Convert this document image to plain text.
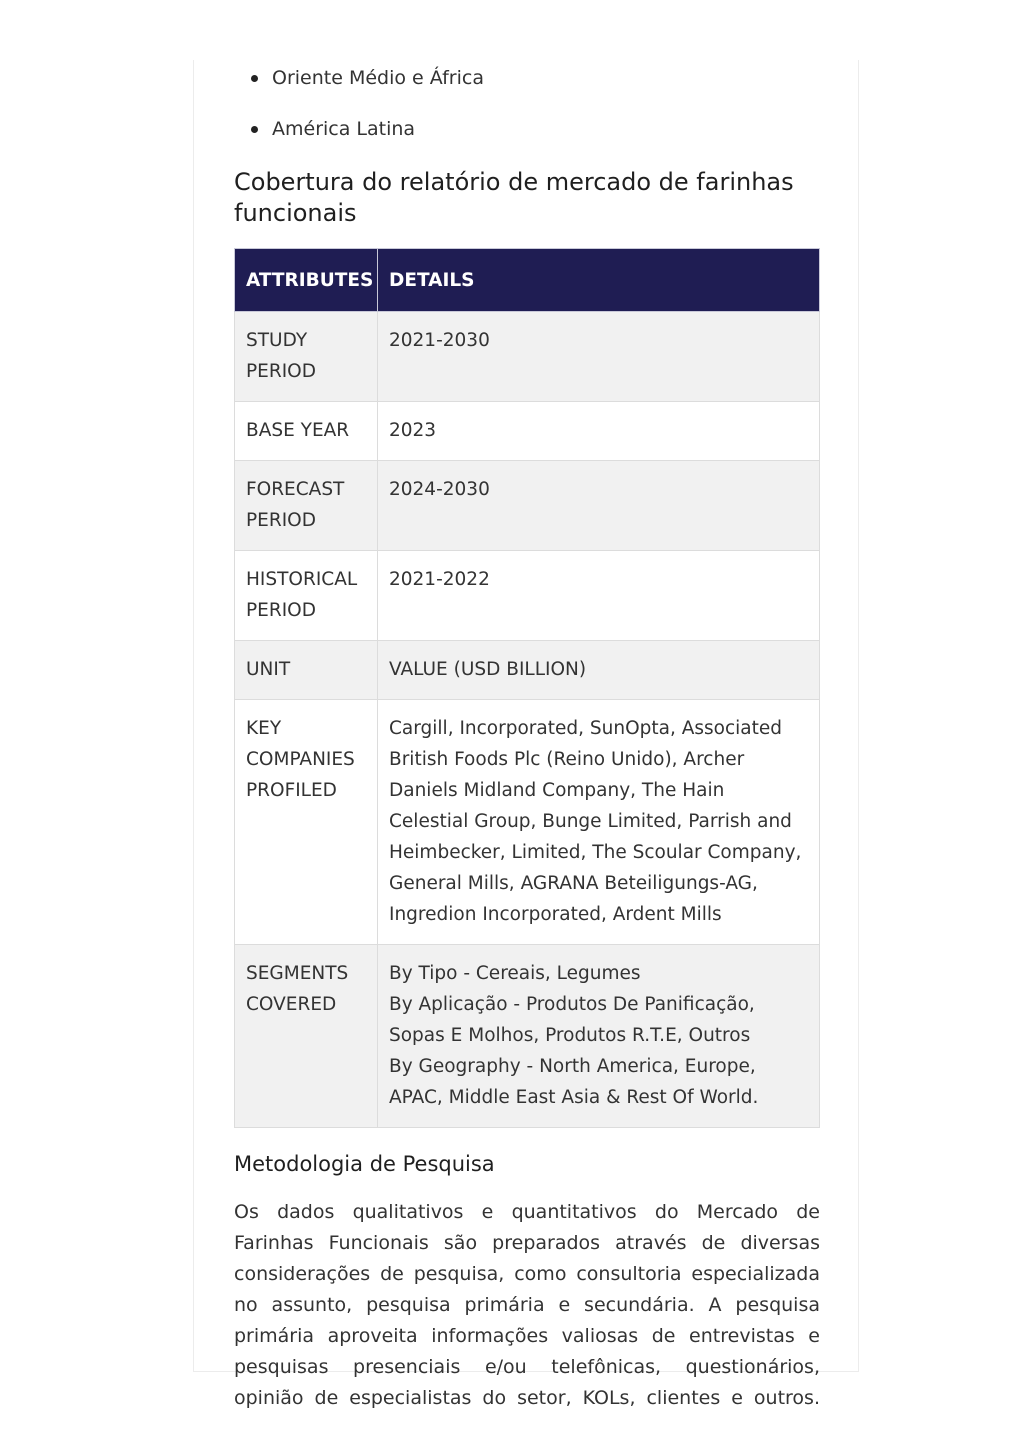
Oriente Médio e África
América Latina
Cobertura do relatório de mercado de farinhas funcionais
ATTRIBUTES	DETAILS
STUDY PERIOD	2021-2030
BASE YEAR	2023
FORECAST PERIOD	2024-2030
HISTORICAL PERIOD	2021-2022
UNIT	VALUE (USD BILLION)
KEY COMPANIES PROFILED	Cargill, Incorporated, SunOpta, Associated British Foods Plc (Reino Unido), Archer Daniels Midland Company, The Hain Celestial Group, Bunge Limited, Parrish and Heimbecker, Limited, The Scoular Company, General Mills, AGRANA Beteiligungs-AG, Ingredion Incorporated, Ardent Mills
SEGMENTS COVERED	By Tipo - Cereais, Legumes
By Aplicação - Produtos De Panificação, Sopas E Molhos, Produtos R.T.E, Outros
By Geography - North America, Europe, APAC, Middle East Asia & Rest Of World.
Metodologia de Pesquisa

Os dados qualitativos e quantitativos do Mercado de Farinhas Funcionais são preparados através de diversas considerações de pesquisa, como consultoria especializada no assunto, pesquisa primária e secundária. A pesquisa primária aproveita informações valiosas de entrevistas e pesquisas presenciais e/ou telefônicas, questionários, opinião de especialistas do setor, KOLs, clientes e outros.
